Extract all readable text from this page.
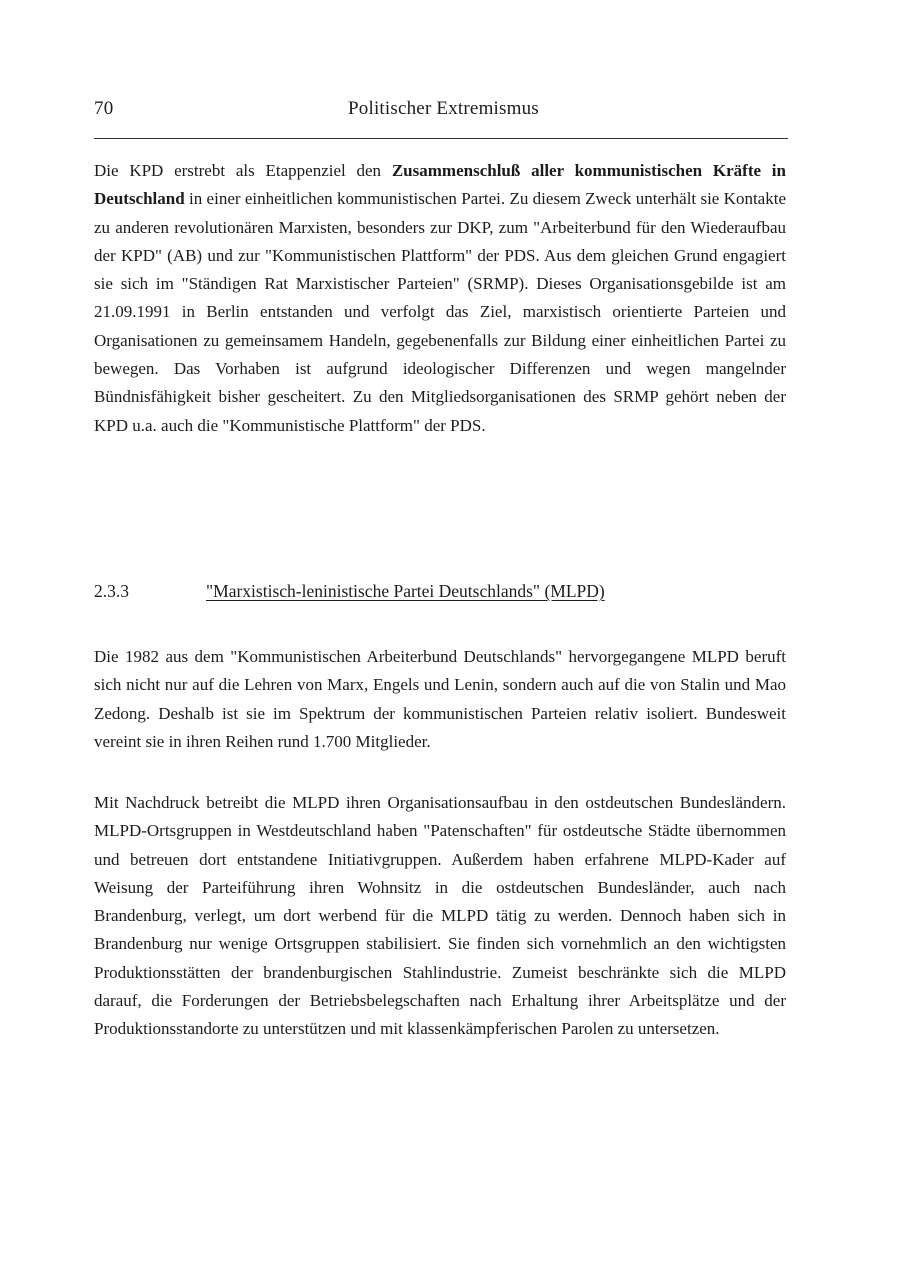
70	Politischer Extremismus

Die KPD erstrebt als Etappenziel den Zusammenschluß aller kommunistischen Kräfte in Deutschland in einer einheitlichen kommunistischen Partei. Zu diesem Zweck unterhält sie Kontakte zu anderen revolutionären Marxisten, besonders zur DKP, zum "Arbeiterbund für den Wiederaufbau der KPD" (AB) und zur "Kommunistischen Plattform" der PDS. Aus dem gleichen Grund engagiert sie sich im "Ständigen Rat Marxistischer Parteien" (SRMP). Dieses Organisationsgebilde ist am 21.09.1991 in Berlin entstanden und verfolgt das Ziel, marxistisch orientierte Parteien und Organisationen zu gemeinsamem Handeln, gegebenenfalls zur Bildung einer einheitlichen Partei zu bewegen. Das Vorhaben ist aufgrund ideologischer Differenzen und wegen mangelnder Bündnisfähigkeit bisher gescheitert. Zu den Mitgliedsorganisationen des SRMP gehört neben der KPD u.a. auch die "Kommunistische Plattform" der PDS.

2.3.3	"Marxistisch-leninistische Partei Deutschlands" (MLPD)

Die 1982 aus dem "Kommunistischen Arbeiterbund Deutschlands" hervorgegangene MLPD beruft sich nicht nur auf die Lehren von Marx, Engels und Lenin, sondern auch auf die von Stalin und Mao Zedong. Deshalb ist sie im Spektrum der kommunistischen Parteien relativ isoliert. Bundesweit vereint sie in ihren Reihen rund 1.700 Mitglieder.

Mit Nachdruck betreibt die MLPD ihren Organisationsaufbau in den ostdeutschen Bundesländern. MLPD-Ortsgruppen in Westdeutschland haben "Patenschaften" für ostdeutsche Städte übernommen und betreuen dort entstandene Initiativgruppen. Außerdem haben erfahrene MLPD-Kader auf Weisung der Parteiführung ihren Wohnsitz in die ostdeutschen Bundesländer, auch nach Brandenburg, verlegt, um dort werbend für die MLPD tätig zu werden. Dennoch haben sich in Brandenburg nur wenige Ortsgruppen stabilisiert. Sie finden sich vornehmlich an den wichtigsten Produktionsstätten der brandenburgischen Stahlindustrie. Zumeist beschränkte sich die MLPD darauf, die Forderungen der Betriebsbelegschaften nach Erhaltung ihrer Arbeitsplätze und der Produktionsstandorte zu unterstützen und mit klassenkämpferischen Parolen zu untersetzen.
